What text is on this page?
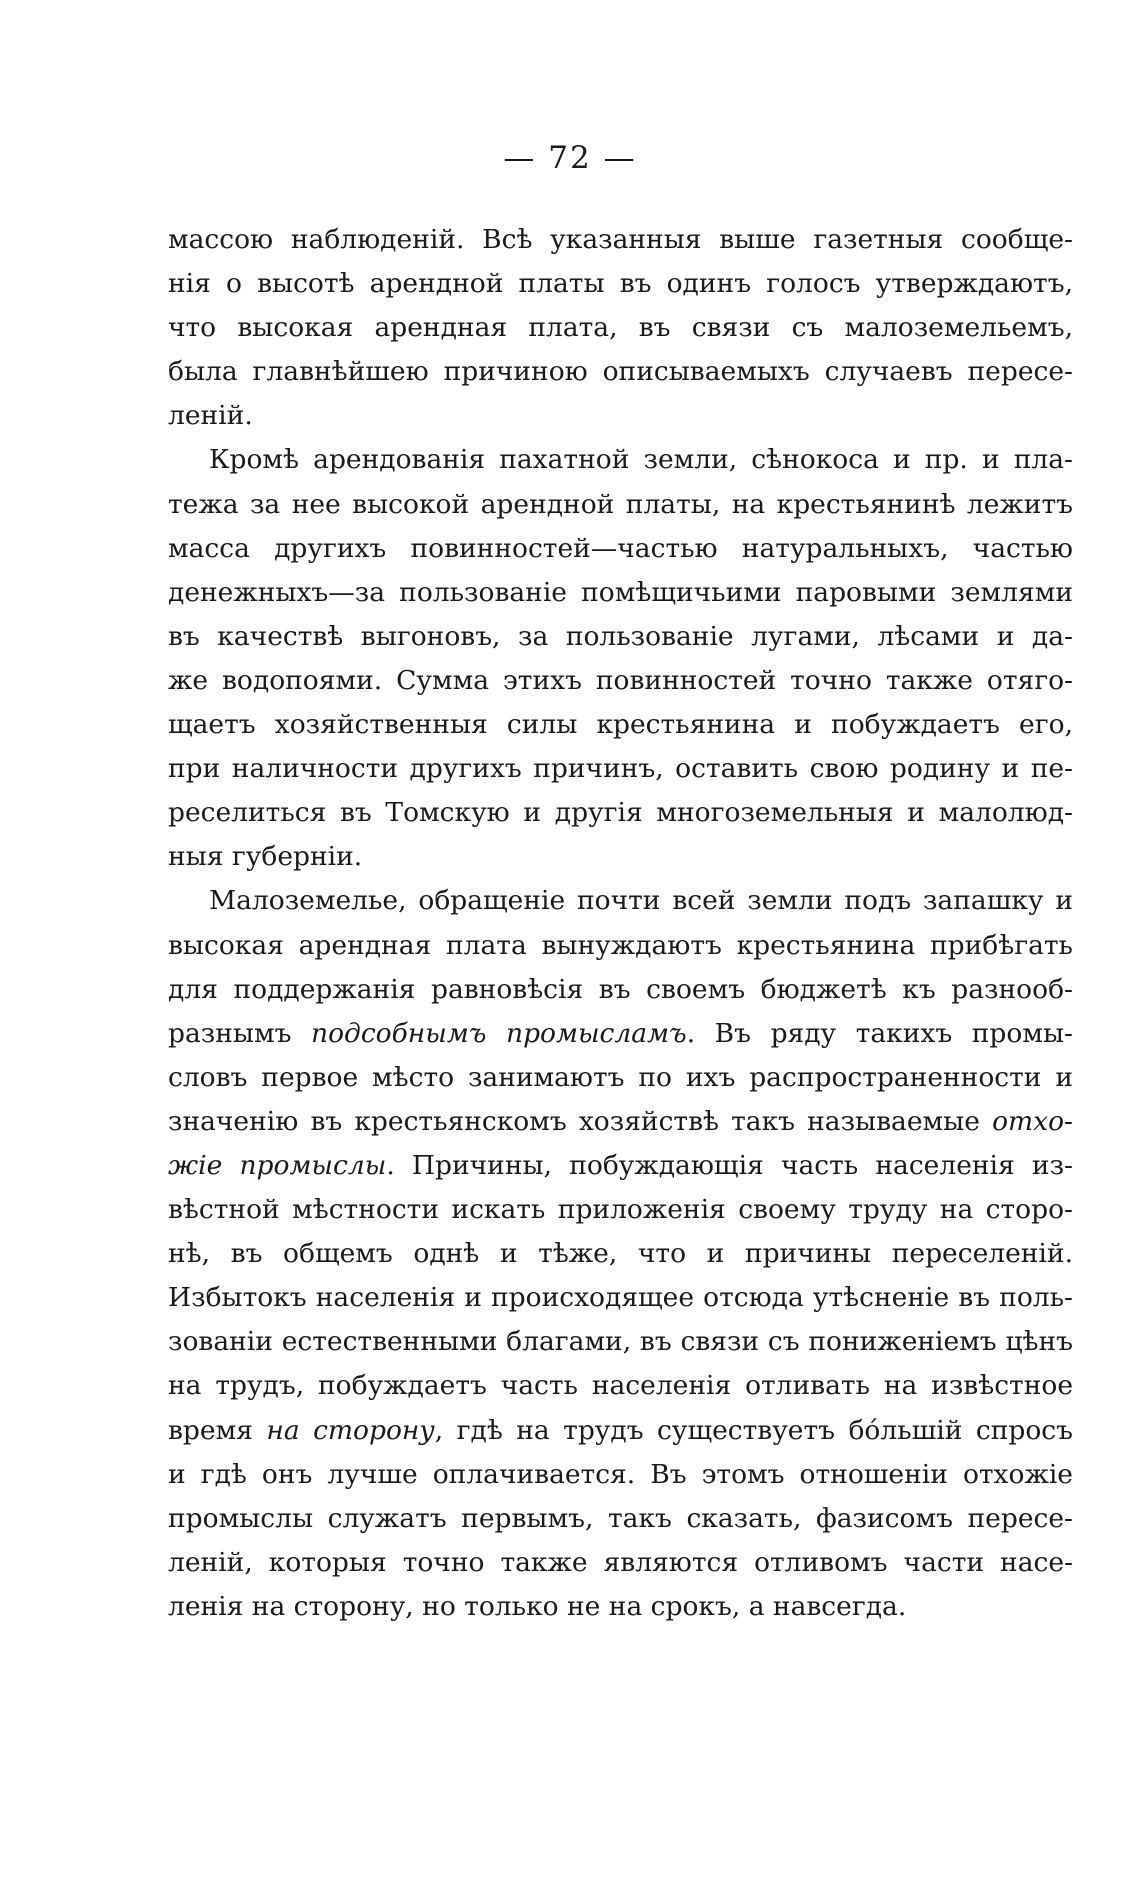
— 72 —
массою наблюденій. Всѣ указанныя выше газетныя сообще-
нія о высотѣ арендной платы въ одинъ голосъ утверждаютъ,
что высокая арендная плата, въ связи съ малоземельемъ,
была главнѣйшею причиною описываемыхъ случаевъ пересе-
леній.
Кромѣ арендованія пахатной земли, сѣнокоса и пр. и пла-
тежа за нее высокой арендной платы, на крестьянинѣ лежитъ
масса другихъ повинностей—частью натуральныхъ, частью
денежныхъ—за пользованіе помѣщичьими паровыми землями
въ качествѣ выгоновъ, за пользованіе лугами, лѣсами и да-
же водопоями. Сумма этихъ повинностей точно также отяго-
щаетъ хозяйственныя силы крестьянина и побуждаетъ его,
при наличности другихъ причинъ, оставить свою родину и пе-
реселиться въ Томскую и другія многоземельныя и малолюд-
ныя губерніи.
Малоземелье, обращеніе почти всей земли подъ запашку и
высокая арендная плата вынуждаютъ крестьянина прибѣгать
для поддержанія равновѣсія въ своемъ бюджетѣ къ разнооб-
разнымъ подсобнымъ промысламъ. Въ ряду такихъ промы-
словъ первое мѣсто занимаютъ по ихъ распространенности и
значенію въ крестьянскомъ хозяйствѣ такъ называемые отхо-
жіе промыслы. Причины, побуждающія часть населенія из-
вѣстной мѣстности искать приложенія своему труду на сторо-
нѣ, въ общемъ однѣ и тѣже, что и причины переселеній.
Избытокъ населенія и происходящее отсюда утѣсненіе въ поль-
зованіи естественными благами, въ связи съ пониженіемъ цѣнъ
на трудъ, побуждаетъ часть населенія отливать на извѣстное
время на сторону, гдѣ на трудъ существуетъ бóльшій спросъ
и гдѣ онъ лучше оплачивается. Въ этомъ отношеніи отхожіе
промыслы служатъ первымъ, такъ сказать, фазисомъ пересе-
леній, которыя точно также являются отливомъ части насе-
ленія на сторону, но только не на срокъ, а навсегда.
